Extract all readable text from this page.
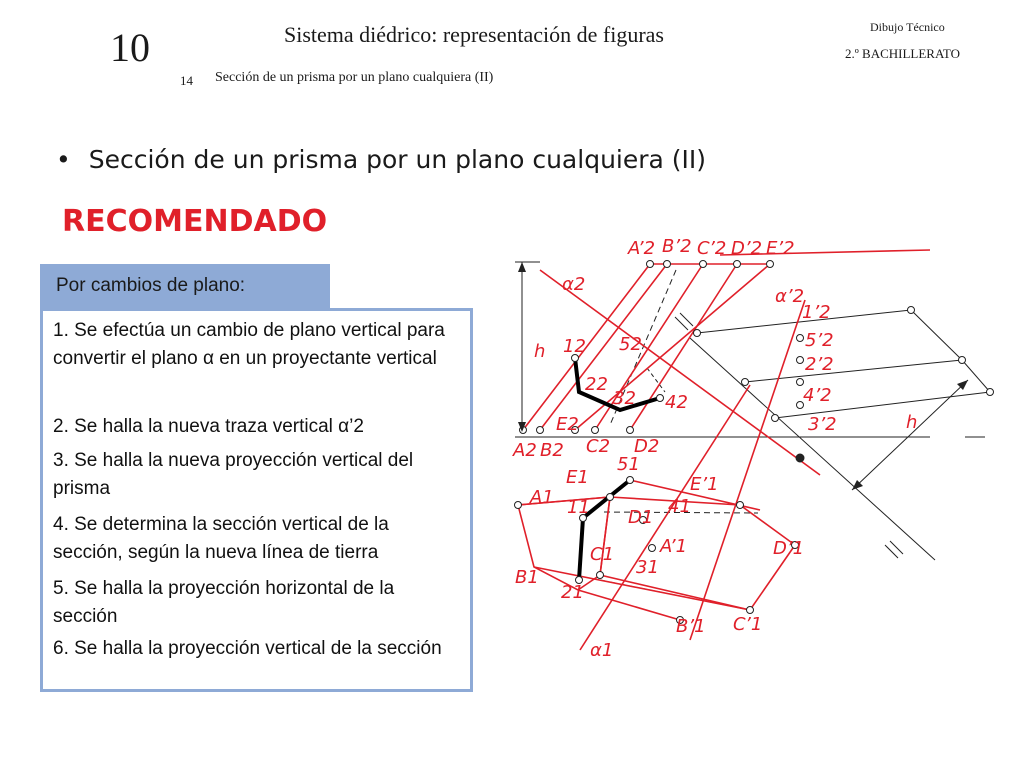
10	Sistema diédrico: representación de figuras
14 Sección de un prisma por un plano cualquiera (II)
Dibujo Técnico
2.º BACHILLERATO
• Sección de un prisma por un plano cualquiera (II)
RECOMENDADO
Por cambios de plano:
1. Se efectúa un cambio de plano vertical para convertir el plano α en un proyectante vertical
2. Se halla la nueva traza vertical α’2
3. Se halla la nueva proyección vertical del prisma
4. Se determina la sección vertical de la sección, según la nueva línea de tierra
5. Se halla la proyección horizontal de la sección
6. Se halla la proyección vertical de la sección
A’2 B’2 C’2 D’2 E’2
α2
α’2
1’2
5’2
2’2
4’2
3’2
h
h
12 52
22
32 42
E2
A2 B2 C2 D2
E1
51
E’1
A1 11	41
D1
A’1	D’1
C1
31
B1
21
B’1 C’1
α1
